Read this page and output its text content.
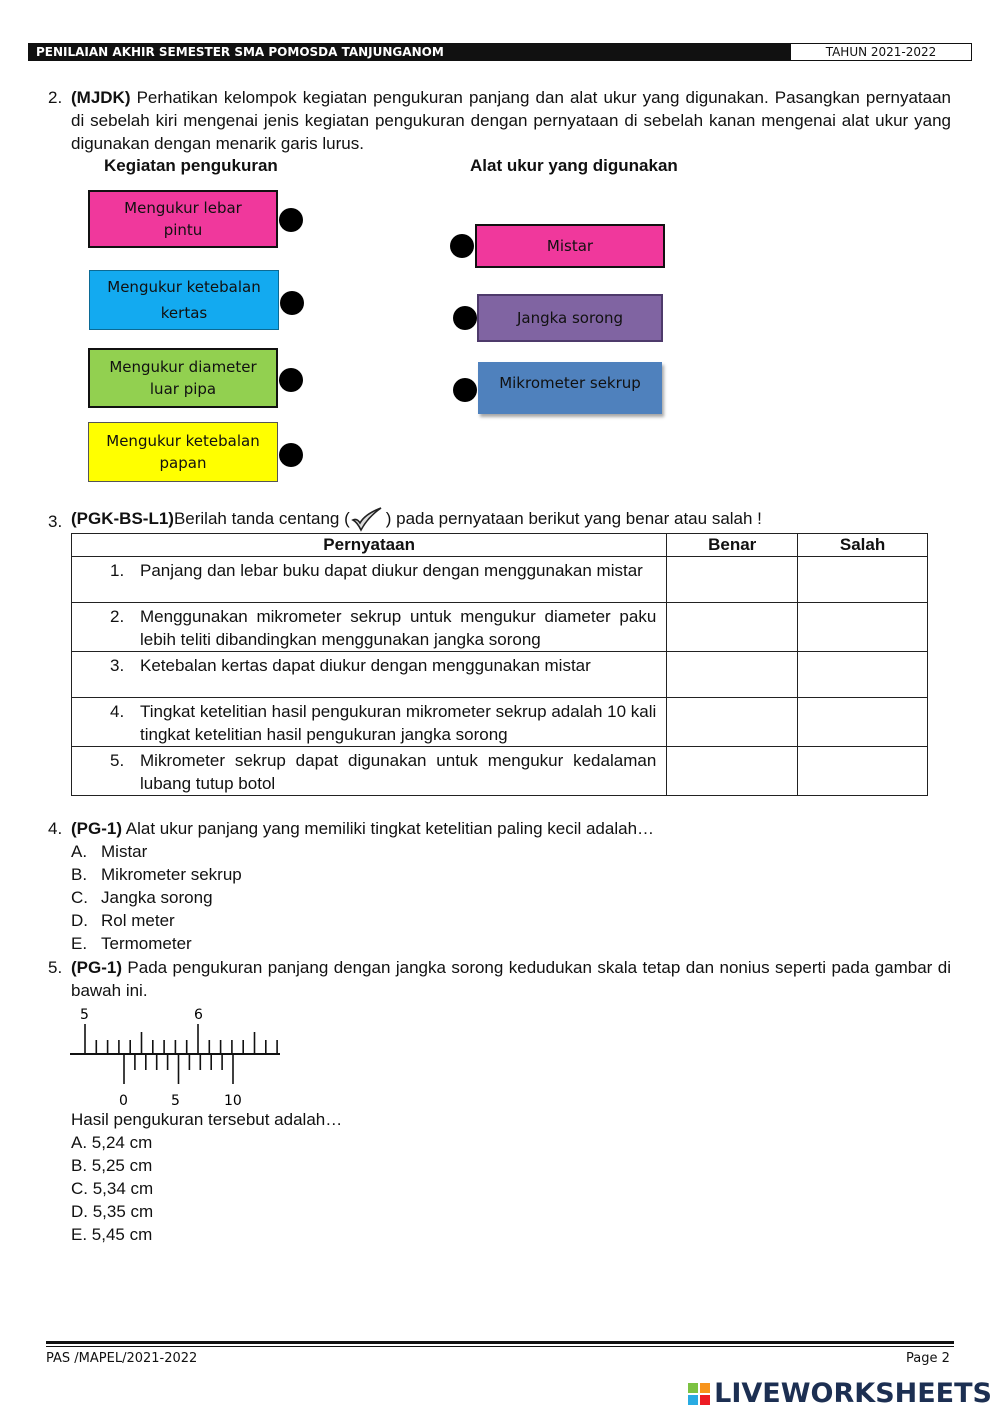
PENILAIAN AKHIR SEMESTER SMA POMOSDA TANJUNGANOM	TAHUN 2021-2022
2. (MJDK) Perhatikan kelompok kegiatan pengukuran panjang dan alat ukur yang digunakan. Pasangkan pernyataan di sebelah kiri mengenai jenis kegiatan pengukuran dengan pernyataan di sebelah kanan mengenai alat ukur yang digunakan dengan menarik garis lurus.
Kegiatan pengukuran	Alat ukur yang digunakan
Mengukur lebar pintu
Mengukur ketebalan kertas
Mengukur diameter luar pipa
Mengukur ketebalan papan
Mistar
Jangka sorong
Mikrometer sekrup
3. (PGK-BS-L1) Berilah tanda centang ( ) pada pernyataan berikut yang benar atau salah !
Pernyataan	Benar	Salah

1. Panjang dan lebar buku dapat diukur dengan menggunakan mistar		

2. Menggunakan mikrometer sekrup untuk mengukur diameter paku lebih teliti dibandingkan menggunakan jangka sorong		

3. Ketebalan kertas dapat diukur dengan menggunakan mistar		

4. Tingkat ketelitian hasil pengukuran mikrometer sekrup adalah 10 kali tingkat ketelitian hasil pengukuran jangka sorong		

5. Mikrometer sekrup dapat digunakan untuk mengukur kedalaman lubang tutup botol		

4. (PG-1) Alat ukur panjang yang memiliki tingkat ketelitian paling kecil adalah…
A. Mistar
B. Mikrometer sekrup
C. Jangka sorong
D. Rol meter
E. Termometer
5. (PG-1) Pada pengukuran panjang dengan jangka sorong kedudukan skala tetap dan nonius seperti pada gambar di bawah ini.
5	6
0	5	10
Hasil pengukuran tersebut adalah…
A. 5,24 cm
B. 5,25 cm
C. 5,34 cm
D. 5,35 cm
E. 5,45 cm
PAS /MAPEL/2021-2022	Page 2
LIVEWORKSHEETS
